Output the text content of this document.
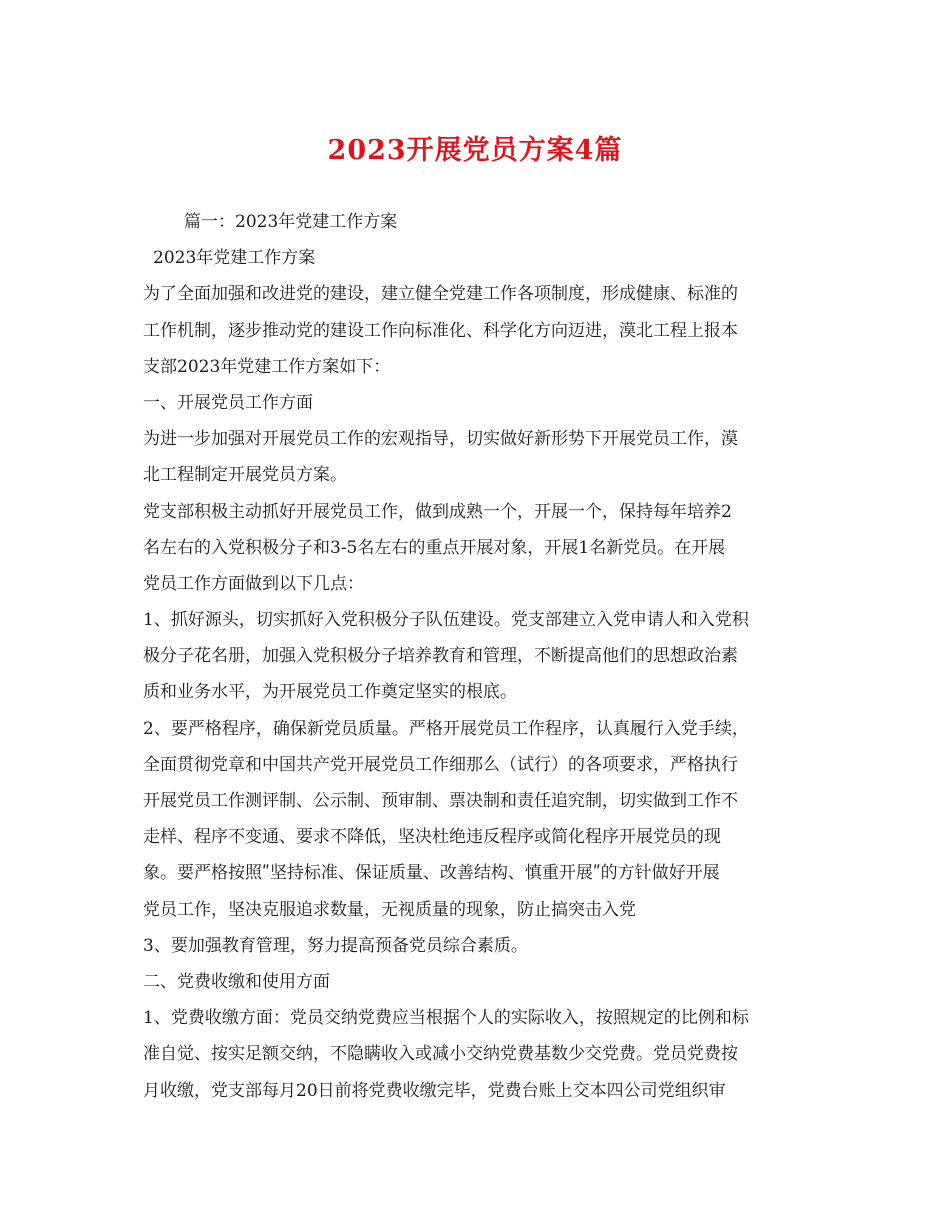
2023开展党员方案4篇
篇一：2023年党建工作方案
2023年党建工作方案
为了全面加强和改进党的建设，建立健全党建工作各项制度，形成健康、标准的
工作机制，逐步推动党的建设工作向标准化、科学化方向迈进，漠北工程上报本
支部2023年党建工作方案如下：
一、开展党员工作方面
为进一步加强对开展党员工作的宏观指导，切实做好新形势下开展党员工作，漠
北工程制定开展党员方案。
党支部积极主动抓好开展党员工作，做到成熟一个，开展一个，保持每年培养2
名左右的入党积极分子和3-5名左右的重点开展对象，开展1名新党员。在开展
党员工作方面做到以下几点：
1、抓好源头，切实抓好入党积极分子队伍建设。党支部建立入党申请人和入党积
极分子花名册，加强入党积极分子培养教育和管理，不断提高他们的思想政治素
质和业务水平，为开展党员工作奠定坚实的根底。
2、要严格程序，确保新党员质量。严格开展党员工作程序，认真履行入党手续，
全面贯彻党章和中国共产党开展党员工作细那么（试行）的各项要求，严格执行
开展党员工作测评制、公示制、预审制、票决制和责任追究制，切实做到工作不
走样、程序不变通、要求不降低，坚决杜绝违反程序或简化程序开展党员的现
象。要严格按照ʺ坚持标准、保证质量、改善结构、慎重开展ʺ的方针做好开展
党员工作，坚决克服追求数量，无视质量的现象，防止搞突击入党
3、要加强教育管理，努力提高预备党员综合素质。
二、党费收缴和使用方面
1、党费收缴方面：党员交纳党费应当根据个人的实际收入，按照规定的比例和标
准自觉、按实足额交纳，不隐瞒收入或减小交纳党费基数少交党费。党员党费按
月收缴，党支部每月20日前将党费收缴完毕，党费台账上交本四公司党组织审
